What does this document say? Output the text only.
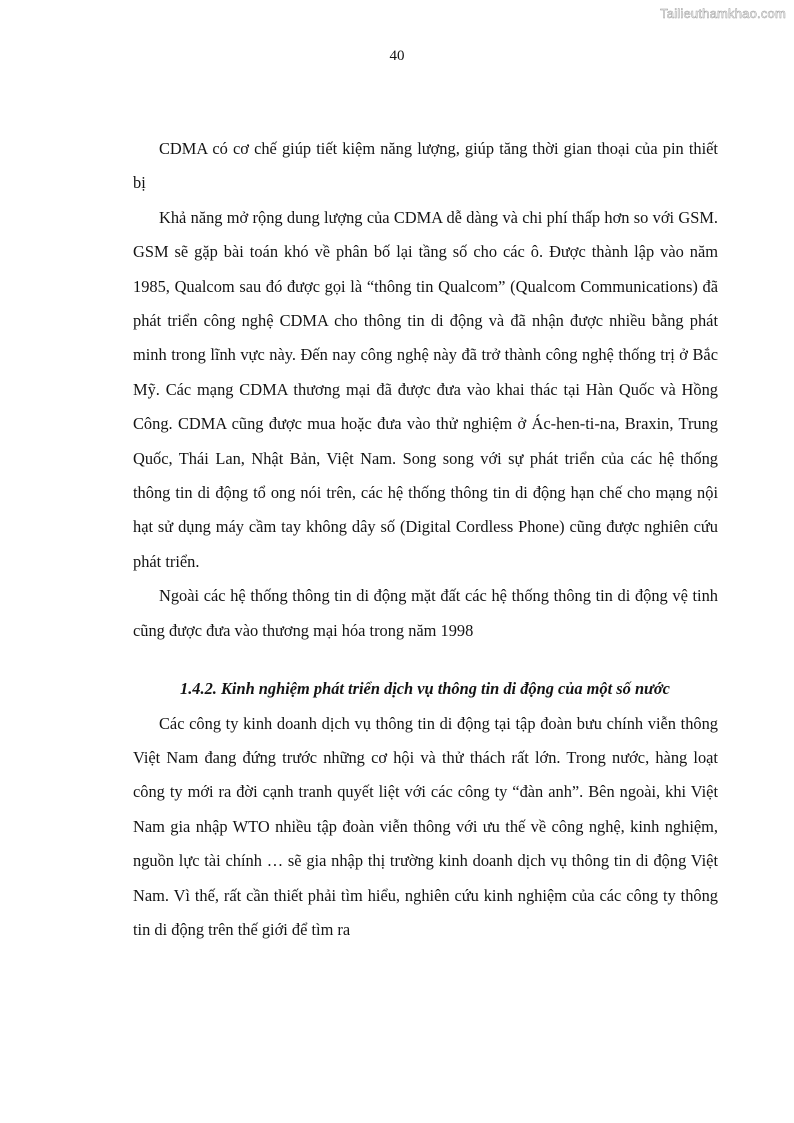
Tailieuthamkhao.com
40

CDMA có cơ chế giúp tiết kiệm năng lượng, giúp tăng thời gian thoại của pin thiết bị

Khả năng mở rộng dung lượng của CDMA dễ dàng và chi phí thấp hơn so với GSM. GSM sẽ gặp bài toán khó về phân bố lại tầng số cho các ô. Được thành lập vào năm 1985, Qualcom sau đó được gọi là “thông tin Qualcom” (Qualcom Communications) đã phát triển công nghệ CDMA cho thông tin di động và đã nhận được nhiều bằng phát minh trong lĩnh vực này. Đến nay công nghệ này đã trở thành công nghệ thống trị ở Bắc Mỹ. Các mạng CDMA thương mại đã được đưa vào khai thác tại Hàn Quốc và Hồng Công. CDMA cũng được mua hoặc đưa vào thử nghiệm ở Ác-hen-ti-na, Braxin, Trung Quốc, Thái Lan, Nhật Bản, Việt Nam. Song song với sự phát triển của các hệ thống thông tin di động tổ ong nói trên, các hệ thống thông tin di động hạn chế cho mạng nội hạt sử dụng máy cầm tay không dây số (Digital Cordless Phone) cũng được nghiên cứu phát triển.

Ngoài các hệ thống thông tin di động mặt đất các hệ thống thông tin di động vệ tinh cũng được đưa vào thương mại hóa trong năm 1998

1.4.2. Kinh nghiệm phát triển dịch vụ thông tin di động của một số nước

Các công ty kinh doanh dịch vụ thông tin di động tại tập đoàn bưu chính viễn thông Việt Nam đang đứng trước những cơ hội và thử thách rất lớn. Trong nước, hàng loạt công ty mới ra đời cạnh tranh quyết liệt với các công ty “đàn anh”. Bên ngoài, khi Việt Nam gia nhập WTO nhiều tập đoàn viễn thông với ưu thế về công nghệ, kinh nghiệm, nguồn lực tài chính … sẽ gia nhập thị trường kinh doanh dịch vụ thông tin di động Việt Nam. Vì thế, rất cần thiết phải tìm hiểu, nghiên cứu kinh nghiệm của các công ty thông tin di động trên thế giới để tìm ra
